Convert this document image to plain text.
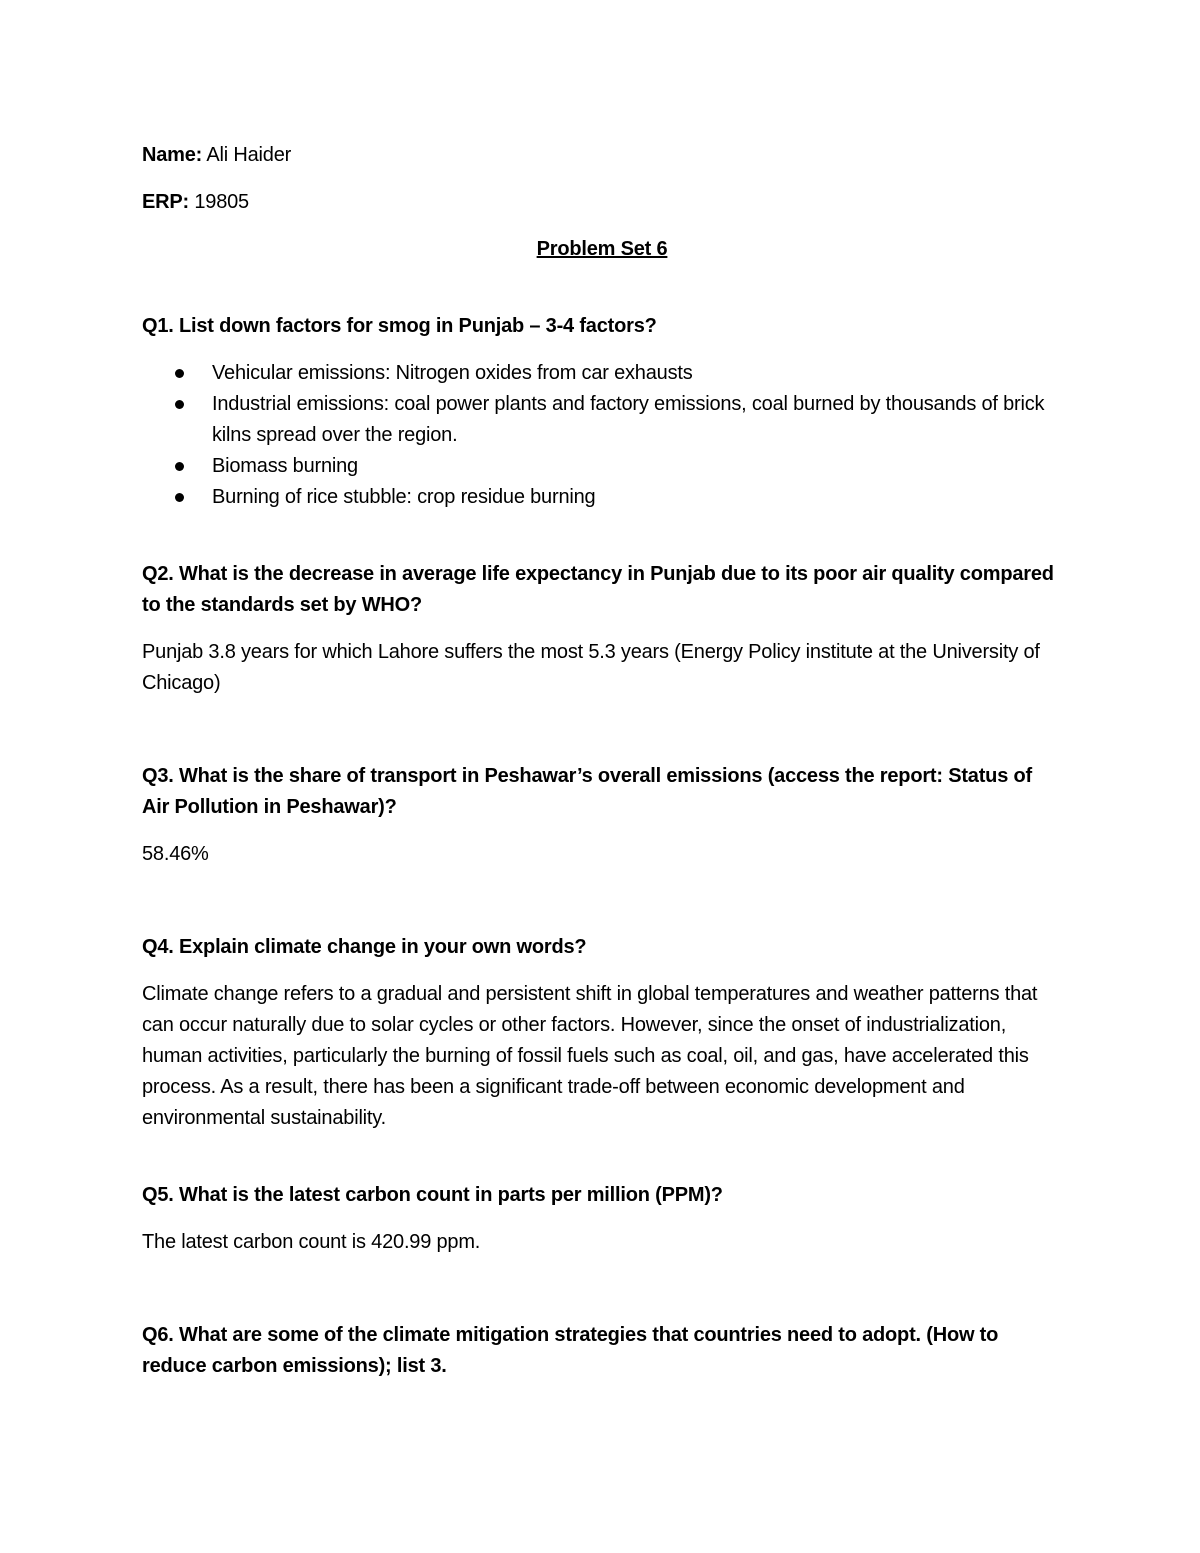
Name: Ali Haider

ERP: 19805

Problem Set 6

Q1. List down factors for smog in Punjab – 3-4 factors?

Vehicular emissions: Nitrogen oxides from car exhausts
Industrial emissions: coal power plants and factory emissions, coal burned by thousands of brick kilns spread over the region.
Biomass burning
Burning of rice stubble: crop residue burning

Q2. What is the decrease in average life expectancy in Punjab due to its poor air quality compared to the standards set by WHO?

Punjab 3.8 years for which Lahore suffers the most 5.3 years (Energy Policy institute at the University of Chicago)

Q3. What is the share of transport in Peshawar’s overall emissions (access the report: Status of Air Pollution in Peshawar)?

58.46%

Q4. Explain climate change in your own words?

Climate change refers to a gradual and persistent shift in global temperatures and weather patterns that can occur naturally due to solar cycles or other factors. However, since the onset of industrialization, human activities, particularly the burning of fossil fuels such as coal, oil, and gas, have accelerated this process. As a result, there has been a significant trade-off between economic development and environmental sustainability.

Q5. What is the latest carbon count in parts per million (PPM)?

The latest carbon count is 420.99 ppm.

Q6. What are some of the climate mitigation strategies that countries need to adopt. (How to reduce carbon emissions); list 3.
